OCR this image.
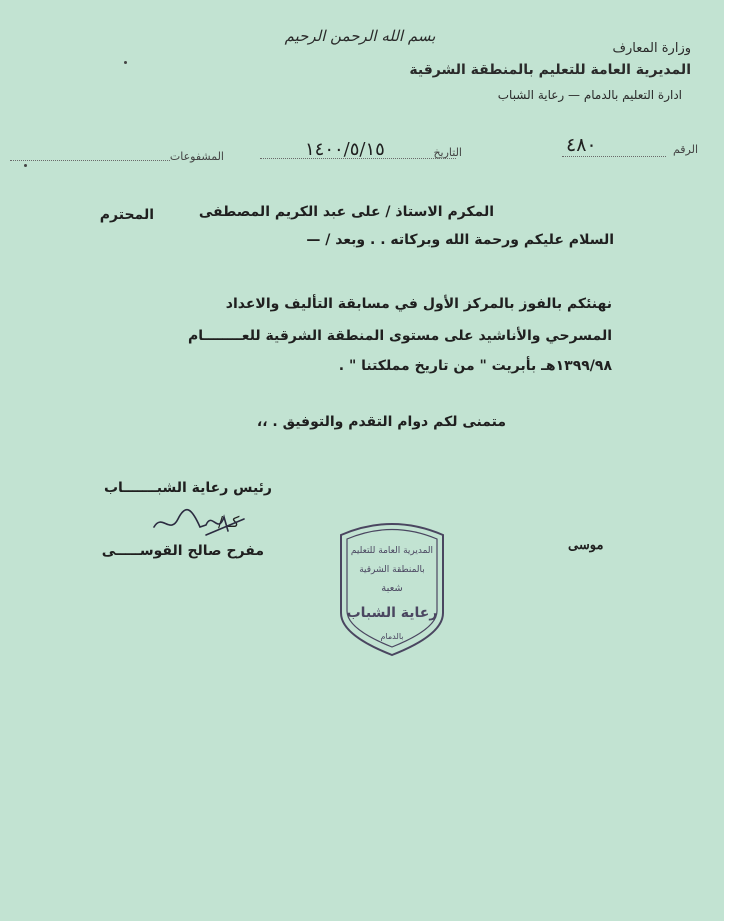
بسم الله الرحمن الرحيم
وزارة المعارف
المديرية العامة للتعليم بالمنطقة الشرقية
ادارة التعليم بالدمام — رعاية الشباب
الرقم
٤٨٠
التاريخ
١٤٠٠/٥/١٥
المشفوعات
المكرم الاستاذ / على عبد الكريم المصطفى
المحترم
السلام عليكم ورحمة الله وبركاته . . وبعد / —
نهنئكم بالفوز بالمركز الأول في مسابقة التأليف والاعداد
المسرحي والأناشيد على مستوى المنطقة الشرقية للعــــــــام
١٣٩٩/٩٨هـ بأبريت " من تاريخ مملكتنا " .
متمنى لكم دوام التقدم والتوفيق . ،،
رئيس رعاية الشبـــــــاب
كـ /
مفرح صالح القوســـــى	موسى
المديرية العامة للتعليم
بالمنطقة الشرقية
شعبة
رعاية الشباب
بالدمام
